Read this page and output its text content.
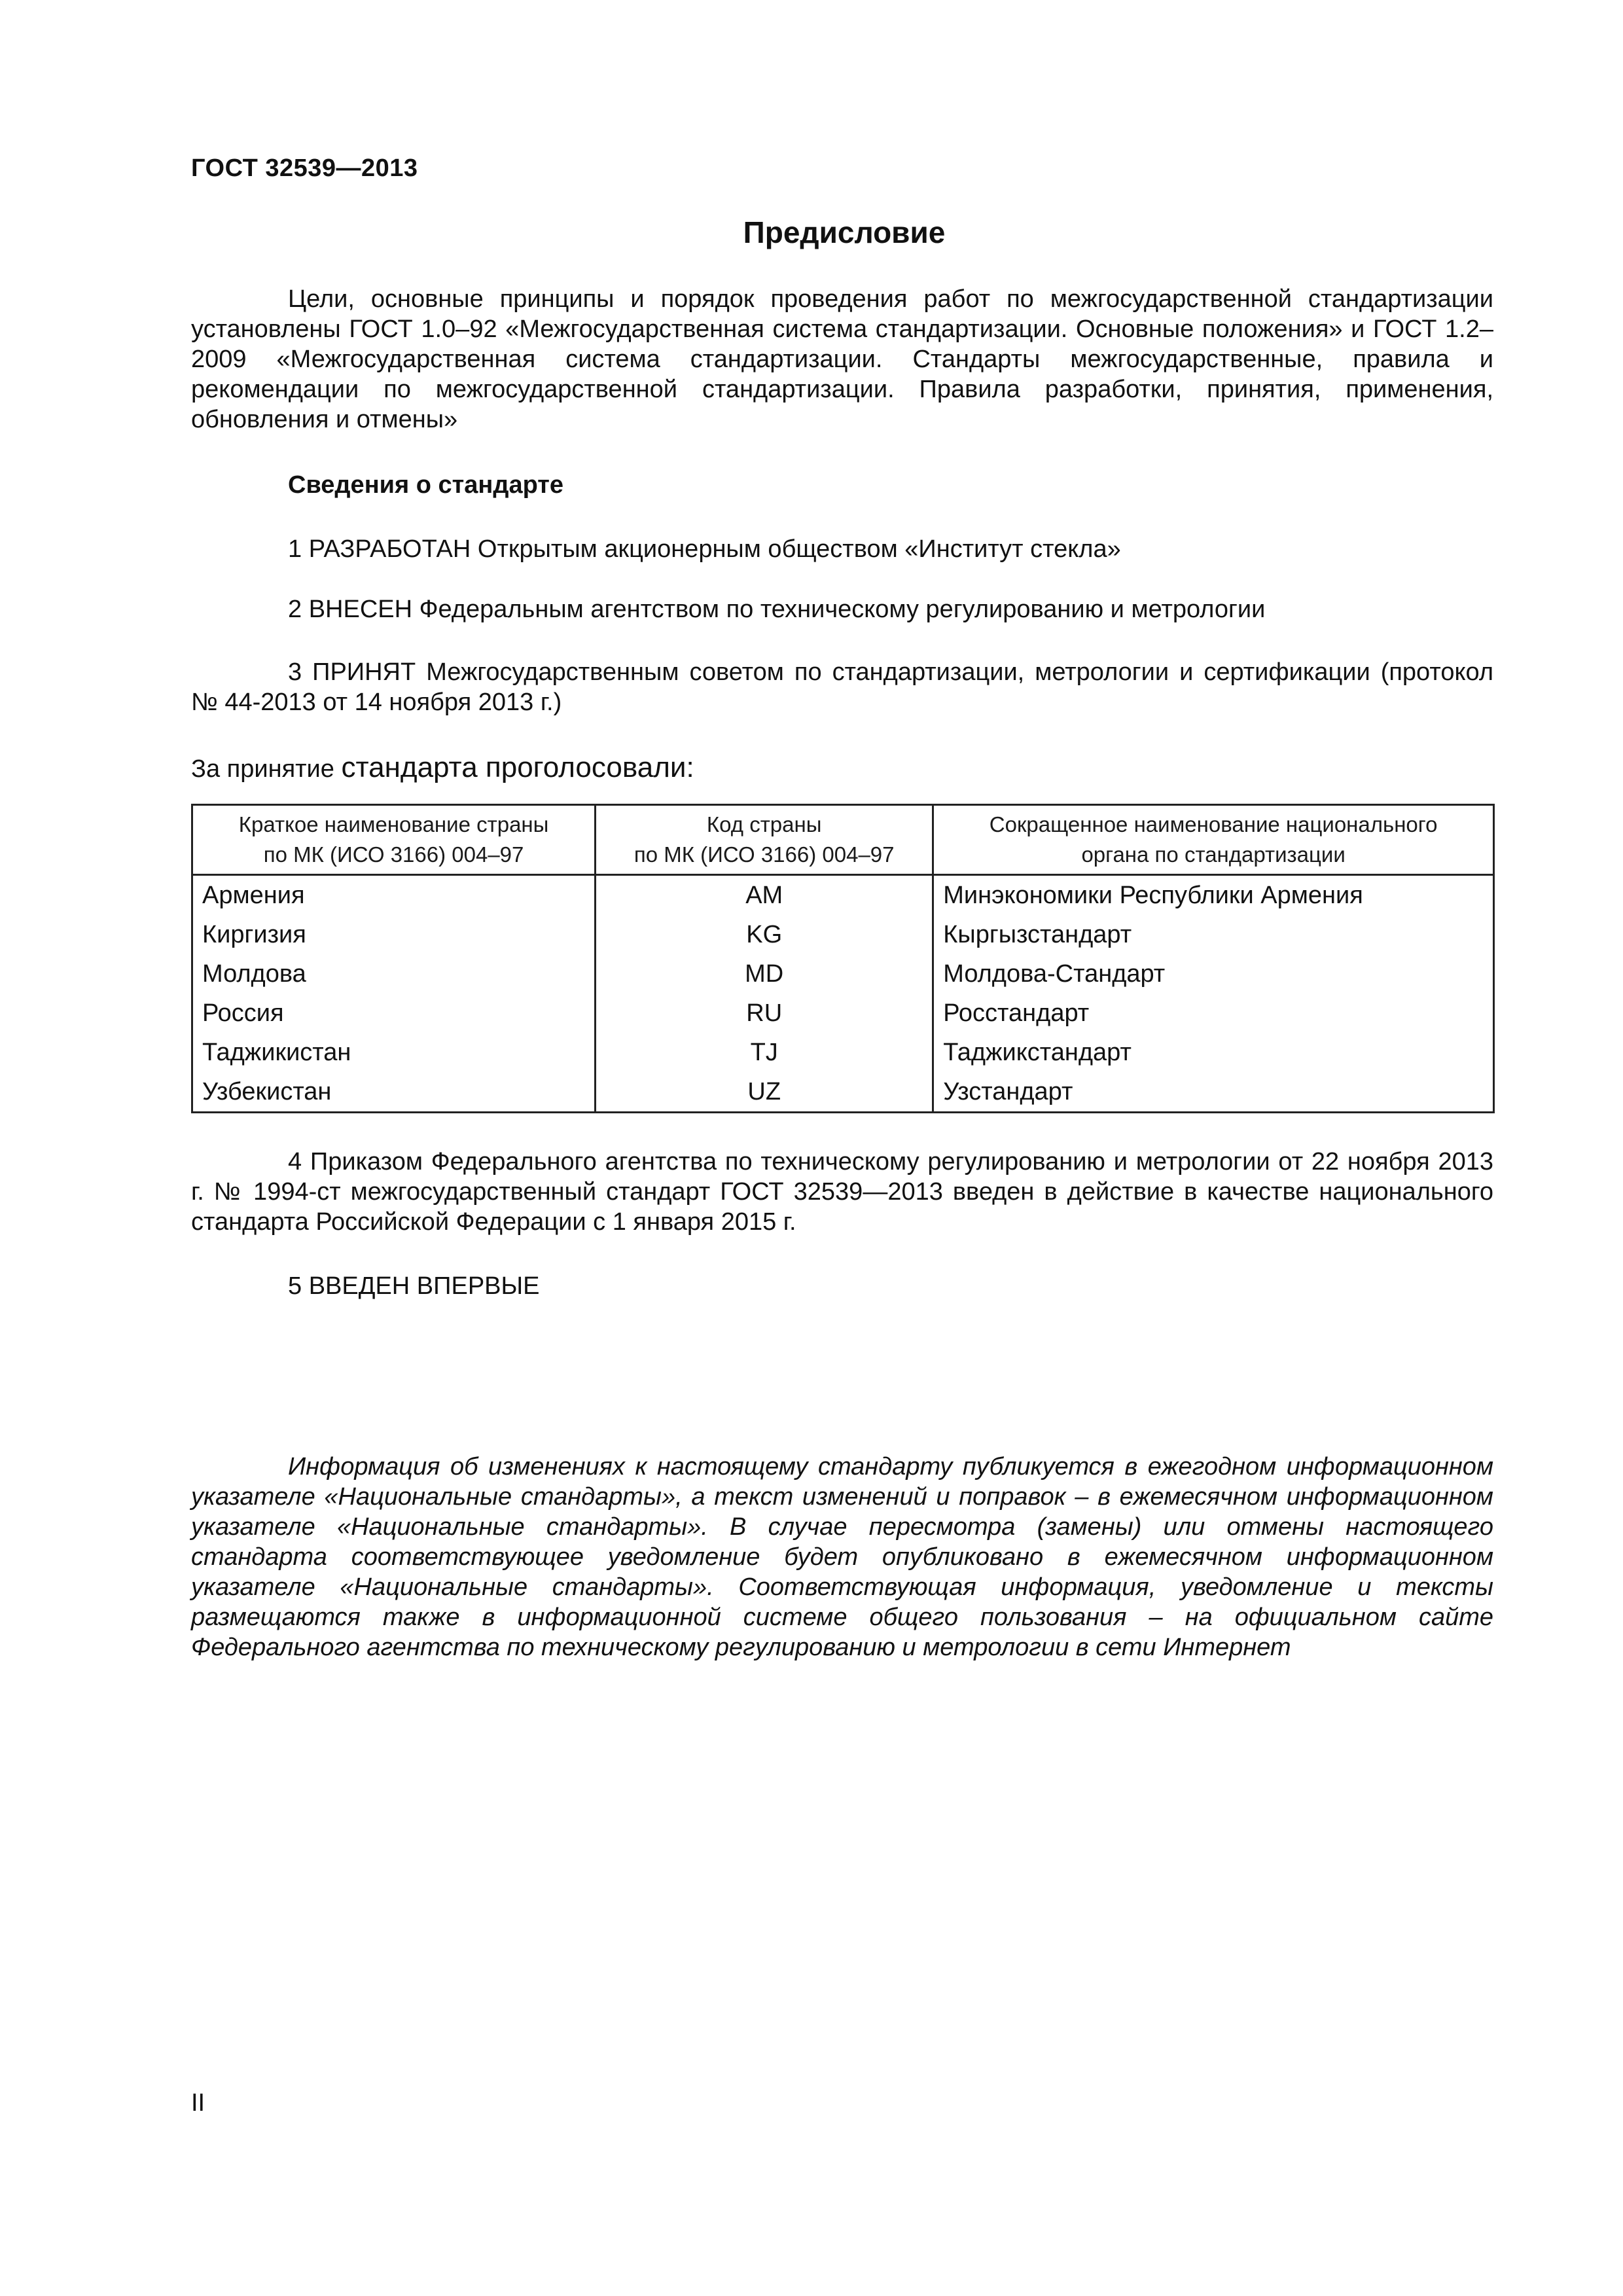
ГОСТ 32539—2013
Предисловие
Цели, основные принципы и порядок проведения работ по межгосударственной стандартизации установлены ГОСТ 1.0–92 «Межгосударственная система стандартизации. Основные положения» и ГОСТ 1.2–2009 «Межгосударственная система стандартизации. Стандарты межгосударственные, правила и рекомендации по межгосударственной стандартизации. Правила разработки, принятия, применения, обновления и отмены»
Сведения о стандарте
1 РАЗРАБОТАН Открытым акционерным обществом «Институт стекла»
2 ВНЕСЕН Федеральным агентством по техническому регулированию и метрологии
3 ПРИНЯТ Межгосударственным советом по стандартизации, метрологии и сертификации (протокол № 44-2013 от 14 ноября 2013 г.)
За принятие стандарта проголосовали:
Краткое наименование страны
по МК (ИСО 3166) 004–97	Код страны
по МК (ИСО 3166) 004–97	Сокращенное наименование национального
органа по стандартизации
Армения	AM	Минэкономики Республики Армения
Киргизия	KG	Кыргызстандарт
Молдова	MD	Молдова-Стандарт
Россия	RU	Росстандарт
Таджикистан	TJ	Таджикстандарт
Узбекистан	UZ	Узстандарт
4 Приказом Федерального агентства по техническому регулированию и метрологии от 22 ноября 2013 г. № 1994-ст межгосударственный стандарт ГОСТ 32539—2013 введен в действие в качестве национального стандарта Российской Федерации с 1 января 2015 г.
5 ВВЕДЕН ВПЕРВЫЕ
Информация об изменениях к настоящему стандарту публикуется в ежегодном информационном указателе «Национальные стандарты», а текст изменений и поправок – в ежемесячном информационном указателе «Национальные стандарты». В случае пересмотра (замены) или отмены настоящего стандарта соответствующее уведомление будет опубликовано в ежемесячном информационном указателе «Национальные стандарты». Соответствующая информация, уведомление и тексты размещаются также в информационной системе общего пользования – на официальном сайте Федерального агентства по техническому регулированию и метрологии в сети Интернет
II
